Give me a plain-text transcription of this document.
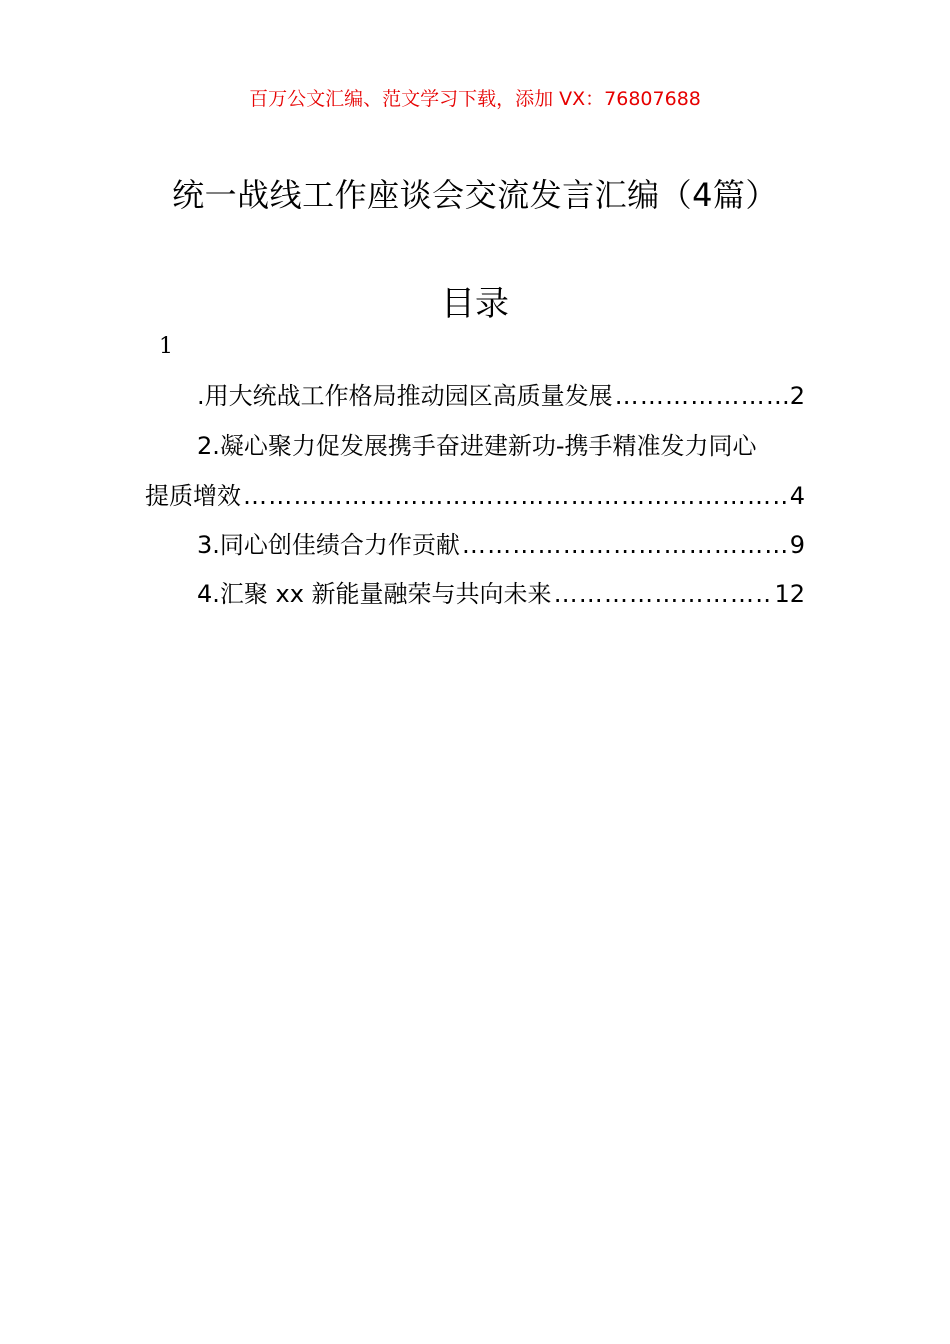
百万公文汇编、范文学习下载，添加 VX：76807688
统一战线工作座谈会交流发言汇编（4篇）
目录
1
.用大统战工作格局推动园区高质量发展 ……………………………………………………………………………………………………………………………………………………………………………………	2
2.凝心聚力促发展携手奋进建新功-携手精准发力同心
提质增效 ……………………………………………………………………………………………………………………………………………………………………………………	4
3.同心创佳绩合力作贡献 ……………………………………………………………………………………………………………………………………………………………………………………	9
4.汇聚 xx 新能量融荣与共向未来 ……………………………………………………………………………………………………………………………………………………………………………………	12
